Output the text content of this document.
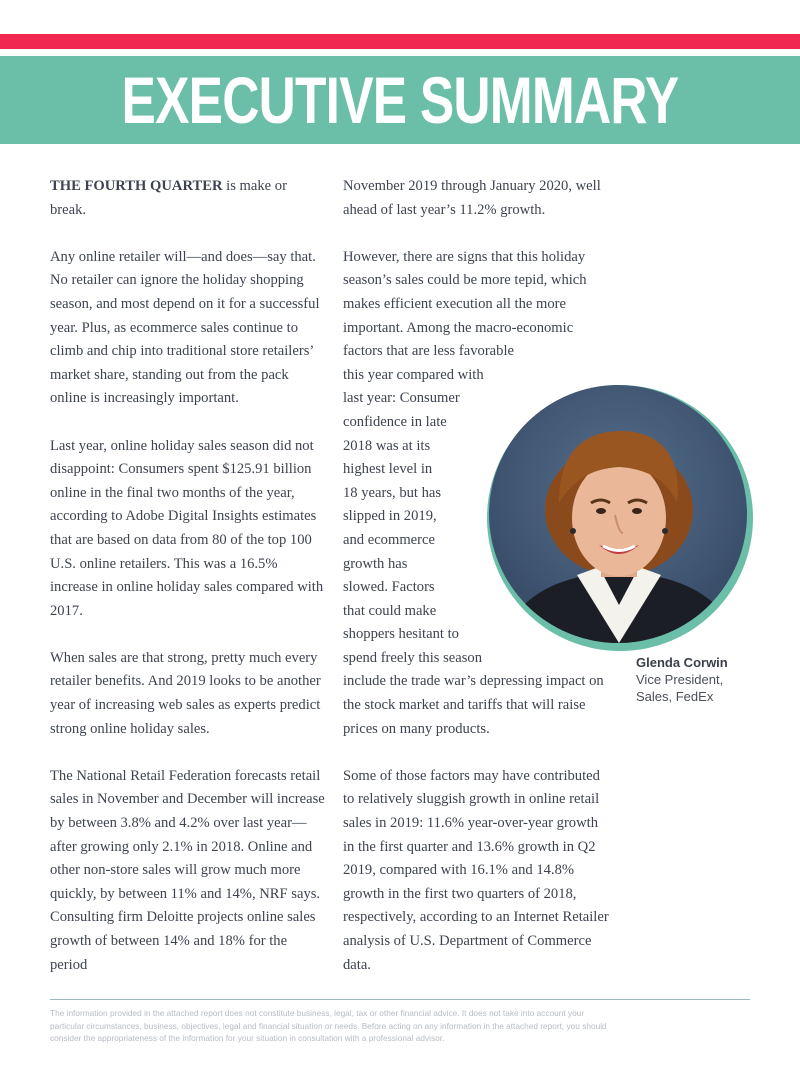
EXECUTIVE SUMMARY

THE FOURTH QUARTER is make or break.

Any online retailer will—and does—say that. No retailer can ignore the holiday shopping season, and most depend on it for a successful year. Plus, as ecommerce sales continue to climb and chip into traditional store retailers’ market share, standing out from the pack online is increasingly important.

Last year, online holiday sales season did not disappoint: Consumers spent $125.91 billion online in the final two months of the year, according to Adobe Digital Insights estimates that are based on data from 80 of the top 100 U.S. online retailers. This was a 16.5% increase in online holiday sales compared with 2017.

When sales are that strong, pretty much every retailer benefits. And 2019 looks to be another year of increasing web sales as experts predict strong online holiday sales.

The National Retail Federation forecasts retail sales in November and December will increase by between 3.8% and 4.2% over last year—after growing only 2.1% in 2018. Online and other non-store sales will grow much more quickly, by between 11% and 14%, NRF says. Consulting firm Deloitte projects online sales growth of between 14% and 18% for the period

November 2019 through January 2020, well ahead of last year’s 11.2% growth.

However, there are signs that this holiday season’s sales could be more tepid, which makes efficient execution all the more important. Among the macro-economic factors that are less favorable
this year compared with
last year: Consumer
confidence in late
2018 was at its
highest level in
18 years, but has
slipped in 2019,
and ecommerce
growth has
slowed. Factors
that could make
shoppers hesitant to
spend freely this season
include the trade war’s depressing impact on the stock market and tariffs that will raise prices on many products.

Some of those factors may have contributed to relatively sluggish growth in online retail sales in 2019: 11.6% year-over-year growth in the first quarter and 13.6% growth in Q2 2019, compared with 16.1% and 14.8% growth in the first two quarters of 2018, respectively, according to an Internet Retailer analysis of U.S. Department of Commerce data.

Glenda Corwin
Vice President,
Sales, FedEx
The information provided in the attached report does not constitute business, legal, tax or other financial advice. It does not take into account your particular circumstances, business, objectives, legal and financial situation or needs. Before acting on any information in the attached report, you should consider the appropriateness of the information for your situation in consultation with a professional advisor.
